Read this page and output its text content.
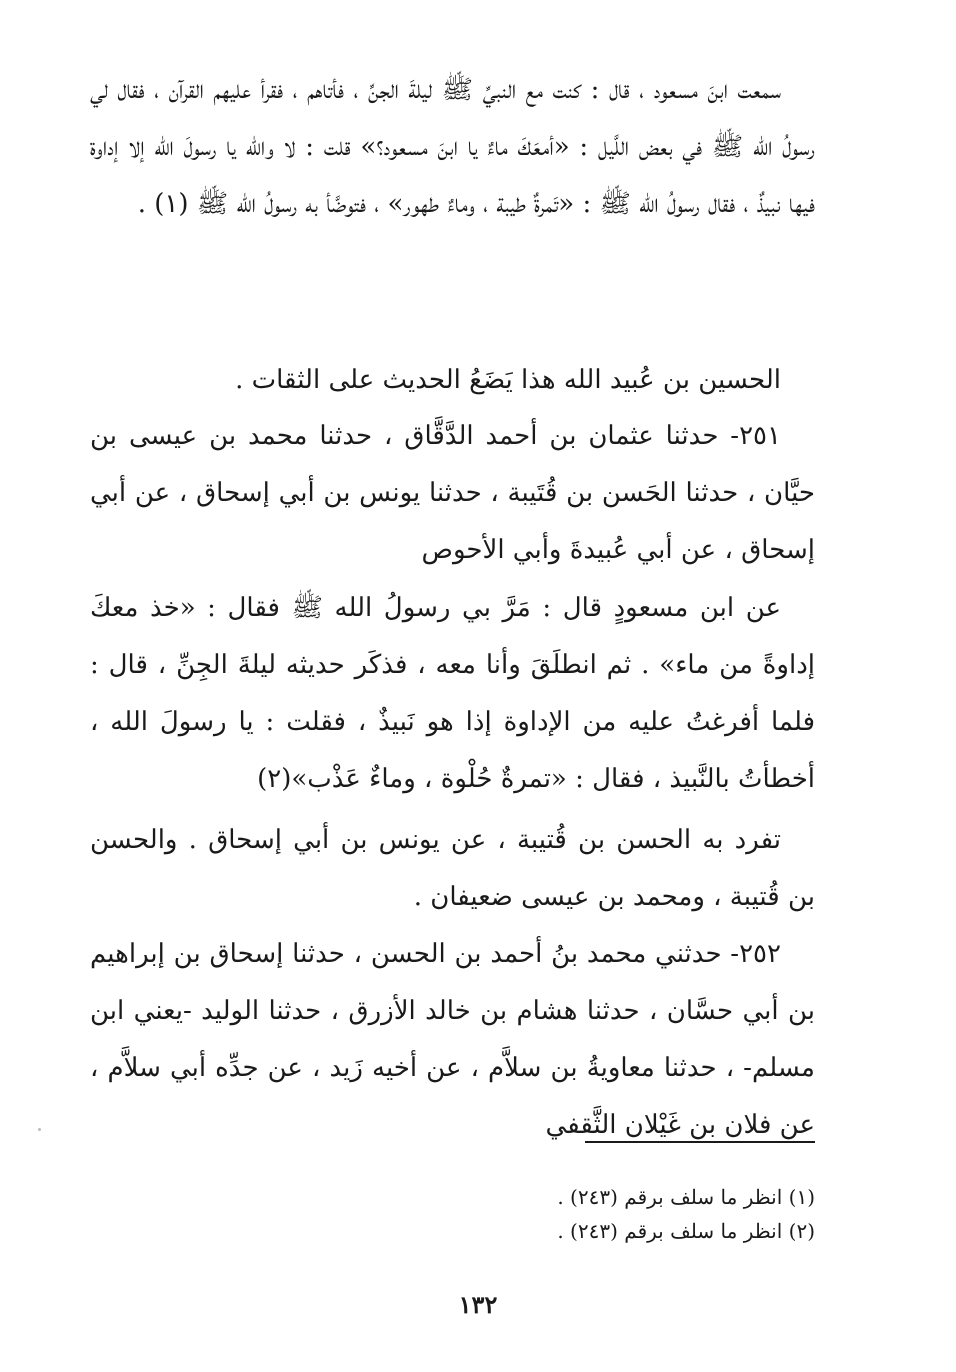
سمعت ابنَ مسعود ، قال : كنت مع النبيِّ ﷺ ليلةَ الجنِّ ، فأتاهم ، فقرأ عليهم القرآن ، فقال لي رسولُ الله ﷺ في بعض اللَّيل : «أمعَكَ ماءٌ يا ابنَ مسعود؟» قلت : لا والله يا رسولَ الله إلا إداوة فيها نبيذٌ ، فقال رسولُ الله ﷺ : «تَمرةٌ طيبة ، وماءٌ طهور» ، فتوضَّأ به رسولُ الله ﷺ (١) .

الحسين بن عُبيد الله هذا يَضَعُ الحديث على الثقات .

٢٥١- حدثنا عثمان بن أحمد الدَّقَّاق ، حدثنا محمد بن عيسى بن حيَّان ، حدثنا الحَسن بن قُتَيبة ، حدثنا يونس بن أبي إسحاق ، عن أبي إسحاق ، عن أبي عُبيدةَ وأبي الأحوص

عن ابن مسعودٍ قال : مَرَّ بي رسولُ الله ﷺ فقال : «خذ معكَ إداوةً من ماء» . ثم انطلَقَ وأنا معه ، فذكَر حديثه ليلةَ الجِنِّ ، قال : فلما أفرغتُ عليه من الإداوة إذا هو نَبيذٌ ، فقلت : يا رسولَ الله ، أخطأتُ بالنَّبيذ ، فقال : «تمرةٌ حُلْوة ، وماءٌ عَذْب»(٢)

تفرد به الحسن بن قُتيبة ، عن يونس بن أبي إسحاق . والحسن بن قُتيبة ، ومحمد بن عيسى ضعيفان .

٢٥٢- حدثني محمد بنُ أحمد بن الحسن ، حدثنا إسحاق بن إبراهيم بن أبي حسَّان ، حدثنا هشام بن خالد الأزرق ، حدثنا الوليد -يعني ابن مسلم- ، حدثنا معاويةُ بن سلاَّم ، عن أخيه زَيد ، عن جدِّه أبي سلاَّم ، عن فلان بن غَيْلان الثَّقفي

(١) انظر ما سلف برقم (٢٤٣) .

(٢) انظر ما سلف برقم (٢٤٣) .

١٣٢
